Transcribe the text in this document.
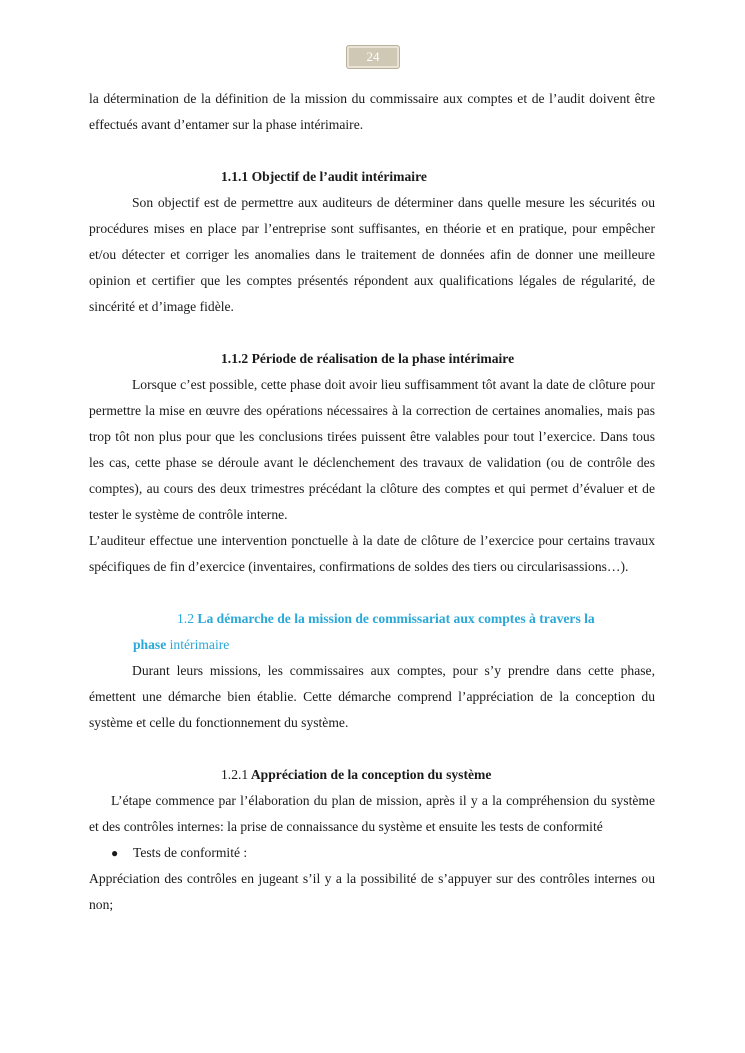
24

la détermination de la définition de la mission du commissaire aux comptes et de l’audit doivent être effectués avant d’entamer sur la phase intérimaire.

1.1.1 Objectif de l’audit intérimaire

Son objectif est de permettre aux auditeurs de déterminer dans quelle mesure les sécurités ou procédures mises en place par l’entreprise sont suffisantes, en théorie et en pratique, pour empêcher et/ou détecter et corriger les anomalies dans le traitement de données afin de donner une meilleure opinion et certifier que les comptes présentés répondent aux qualifications légales de régularité, de sincérité et d’image fidèle.

1.1.2 Période de réalisation de la phase intérimaire

Lorsque c’est possible, cette phase doit avoir lieu suffisamment tôt avant la date de clôture pour permettre la mise en œuvre des opérations nécessaires à la correction de certaines anomalies, mais pas trop tôt non plus pour que les conclusions tirées puissent être valables pour tout l’exercice. Dans tous les cas, cette phase se déroule avant le déclenchement des travaux de validation (ou de contrôle des comptes), au cours des deux trimestres précédant la clôture des comptes et qui permet d’évaluer et de tester le système de contrôle interne.

L’auditeur effectue une intervention ponctuelle à la date de clôture de l’exercice pour certains travaux spécifiques de fin d’exercice (inventaires, confirmations de soldes des tiers ou circularisassions…).

1.2 La démarche de la mission de commissariat aux comptes à travers la
phase intérimaire

Durant leurs missions, les commissaires aux comptes, pour s’y prendre dans cette phase, émettent une démarche bien établie. Cette démarche comprend l’appréciation de la conception du système et celle du fonctionnement du système.

1.2.1 Appréciation de la conception du système

L’étape commence par l’élaboration du plan de mission, après il y a la compréhension du système et des contrôles internes: la prise de connaissance du système et ensuite les tests de conformité

●	Tests de conformité :

Appréciation des contrôles en jugeant s’il y a la possibilité de s’appuyer sur des contrôles internes ou non;
